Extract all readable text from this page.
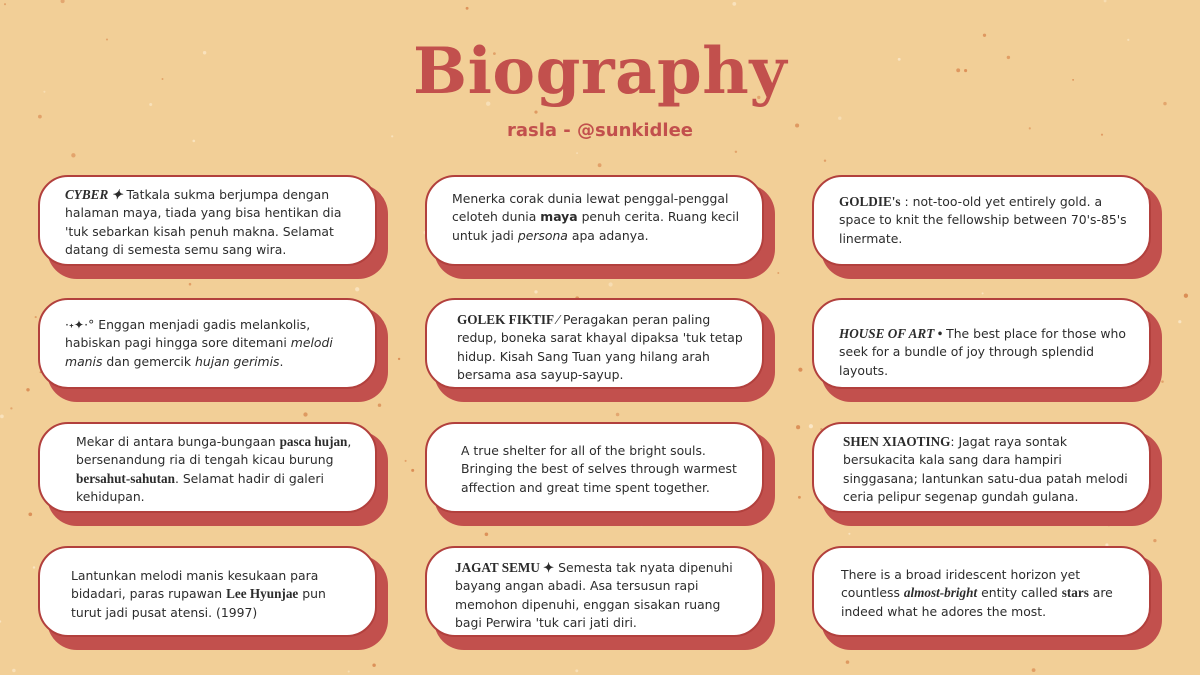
Biography
rasla - @sunkidlee
CYBER ✦ Tatkala sukma berjumpa dengan halaman maya, tiada yang bisa hentikan dia 'tuk sebarkan kisah penuh makna. Selamat datang di semesta semu sang wira.
Menerka corak dunia lewat penggal-penggal celoteh dunia maya penuh cerita. Ruang kecil untuk jadi persona apa adanya.
GOLDIE's : not-too-old yet entirely gold. a space to knit the fellowship between 70's-85's linermate.
·˖✦·° Enggan menjadi gadis melankolis, habiskan pagi hingga sore ditemani melodi manis dan gemercik hujan gerimis.
GOLEK FIKTIF ⁄ Peragakan peran paling redup, boneka sarat khayal dipaksa 'tuk tetap hidup. Kisah Sang Tuan yang hilang arah bersama asa sayup-sayup.
HOUSE OF ART • The best place for those who seek for a bundle of joy through splendid layouts.
Mekar di antara bunga-bungaan pasca hujan, bersenandung ria di tengah kicau burung bersahut-sahutan. Selamat hadir di galeri kehidupan.
A true shelter for all of the bright souls. Bringing the best of selves through warmest affection and great time spent together.
SHEN XIAOTING: Jagat raya sontak bersukacita kala sang dara hampiri singgasana; lantunkan satu-dua patah melodi ceria pelipur segenap gundah gulana.
Lantunkan melodi manis kesukaan para bidadari, paras rupawan Lee Hyunjae pun turut jadi pusat atensi. (1997)
JAGAT SEMU ✦ Semesta tak nyata dipenuhi bayang angan abadi. Asa tersusun rapi memohon dipenuhi, enggan sisakan ruang bagi Perwira 'tuk cari jati diri.
There is a broad iridescent horizon yet countless almost-bright entity called stars are indeed what he adores the most.
